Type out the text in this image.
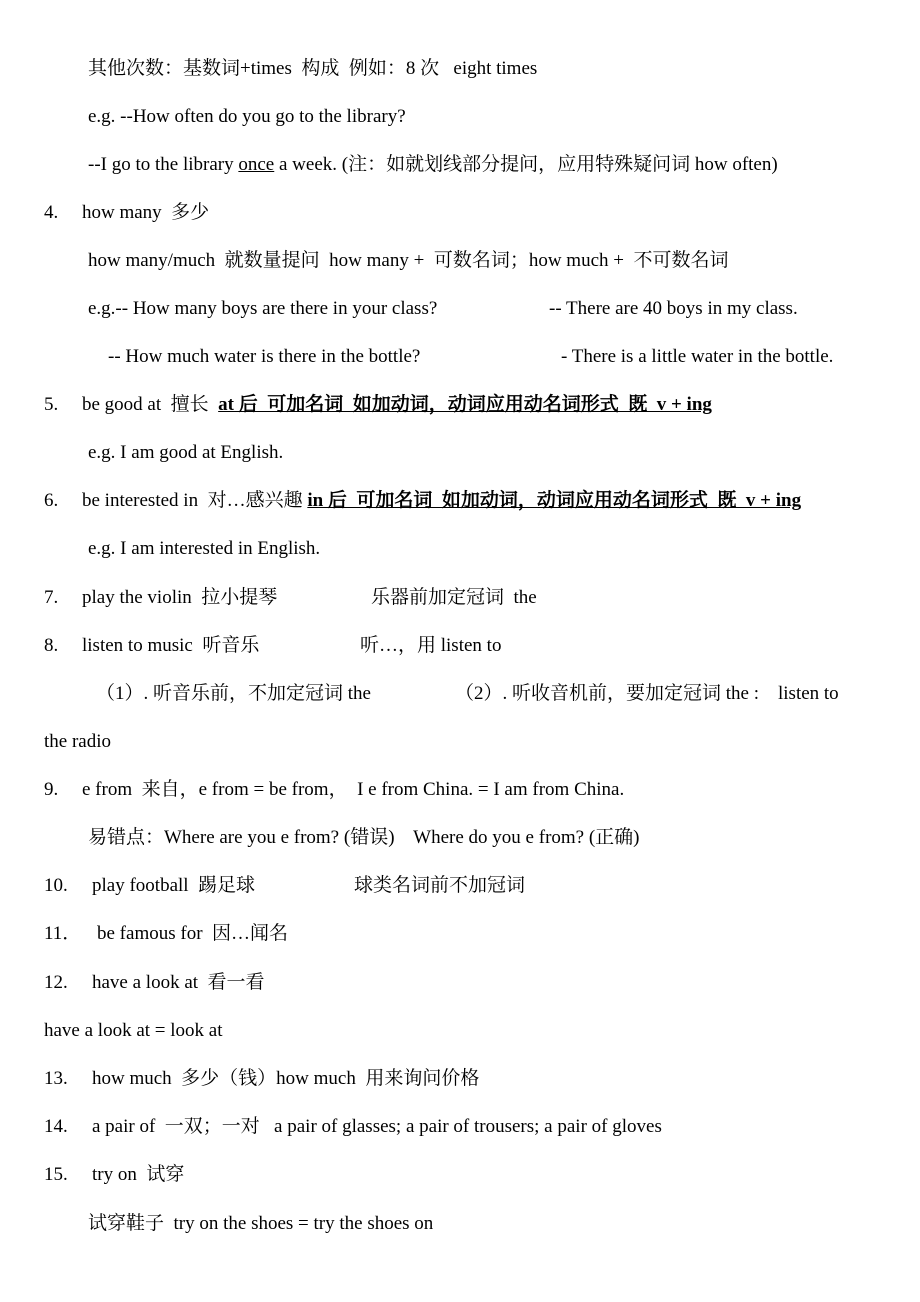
其他次数：基数词+times  构成  例如：8 次   eight times
e.g. --How often do you go to the library?
--I go to the library once a week. (注：如就划线部分提问，应用特殊疑问词 how often)
4. how many  多少
how many/much  就数量提问  how many +  可数名词；how much +  不可数名词
e.g.-- How many boys are there in your class?	-- There are 40 boys in my class.
-- How much water is there in the bottle?	- There is a little water in the bottle.
5. be good at  擅长  at 后  可加名词  如加动词，动词应用动名词形式  既  v + ing
e.g. I am good at English.
6. be interested in  对…感兴趣 in 后  可加名词  如加动词，动词应用动名词形式  既  v + ing
e.g. I am interested in English.
7. play the violin  拉小提琴	乐器前加定冠词  the
8. listen to music  听音乐	听…，用 listen to
（1）. 听音乐前，不加定冠词 the	（2）. 听收音机前，要加定冠词 the :    listen to
the radio
9. e from  来自，e from = be from，  I e from China. = I am from China.
易错点：Where are you e from? (错误)    Where do you e from? (正确)
10. play football  踢足球	球类名词前不加冠词
11． be famous for  因…闻名
12. have a look at  看一看
have a look at = look at
13. how much  多少（钱）how much  用来询问价格
14. a pair of  一双；一对   a pair of glasses; a pair of trousers; a pair of gloves
15. try on  试穿
试穿鞋子  try on the shoes = try the shoes on
